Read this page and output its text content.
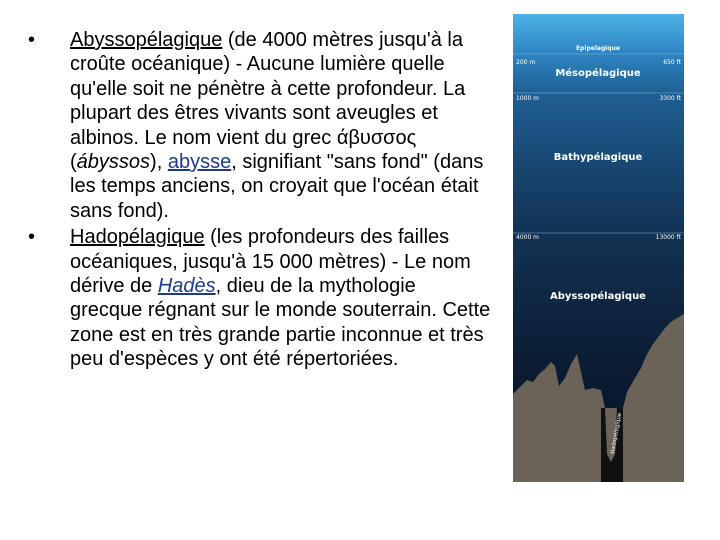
• Abyssopélagique (de 4000 mètres jusqu'à la croûte océanique) - Aucune lumière quelle qu'elle soit ne pénètre à cette profondeur. La plupart des êtres vivants sont aveugles et albinos. Le nom vient du grec άβυσσος (ábyssos), abysse, signifiant "sans fond" (dans les temps anciens, on croyait que l'océan était sans fond).
• Hadopélagique (les profondeurs des failles océaniques, jusqu'à 15 000 mètres) - Le nom dérive de Hadès, dieu de la mythologie grecque régnant sur le monde souterrain. Cette zone est en très grande partie inconnue et très peu d'espèces y ont été répertoriées.
Epipelagique
200 m	650 ft
Mésopélagique
1000 m	3300 ft
Bathypélagique
4000 m	13000 ft
Abyssopélagique
Hadopélagique
